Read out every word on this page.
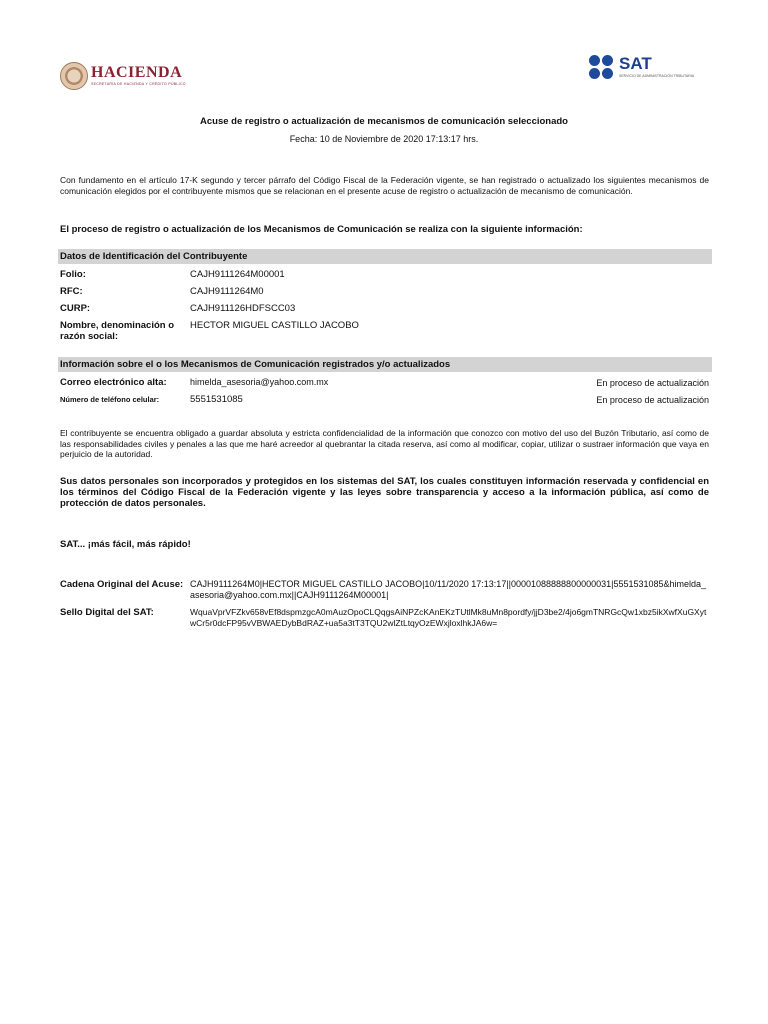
HACIENDA
SECRETARÍA DE HACIENDA Y CRÉDITO PÚBLICO
SAT
SERVICIO DE ADMINISTRACIÓN TRIBUTARIA
Acuse de registro o actualización de mecanismos de comunicación seleccionado
Fecha: 10 de Noviembre de 2020 17:13:17 hrs.
Con fundamento en el artículo 17-K segundo y tercer párrafo del Código Fiscal de la Federación vigente, se han registrado o actualizado los siguientes mecanismos de comunicación elegidos por el contribuyente mismos que se relacionan en el presente acuse de registro o actualización de mecanismo de comunicación.
El proceso de registro o actualización de los Mecanismos de Comunicación se realiza con la siguiente información:
Datos de Identificación del Contribuyente
Folio:	CAJH9111264M00001
RFC:	CAJH9111264M0
CURP:	CAJH911126HDFSCC03
Nombre, denominación o razón social:
HECTOR MIGUEL CASTILLO JACOBO
Información sobre el o los Mecanismos de Comunicación registrados y/o actualizados
Correo electrónico alta:	himelda_asesoria@yahoo.com.mx	En proceso de actualización
Número de teléfono celular:	5551531085	En proceso de actualización
El contribuyente se encuentra obligado a guardar absoluta y estricta confidencialidad de la información que conozco con motivo del uso del Buzón Tributario, así como de las responsabilidades civiles y penales a las que me haré acreedor al quebrantar la citada reserva, así como al modificar, copiar, utilizar o sustraer información que vaya en perjuicio de la autoridad.
Sus datos personales son incorporados y protegidos en los sistemas del SAT, los cuales constituyen información reservada y confidencial en los términos del Código Fiscal de la Federación vigente y las leyes sobre transparencia y acceso a la información pública, así como de protección de datos personales.
SAT... ¡más fácil, más rápido!
Cadena Original del Acuse: CAJH9111264M0|HECTOR MIGUEL CASTILLO JACOBO|10/11/2020 17:13:17||00001088888800000031|5551531085&himelda_asesoria@yahoo.com.mx||CAJH9111264M00001|
Sello Digital del SAT:	WquaVprVFZkv658vEf8dspmzgcA0mAuzOpoCLQqgsAiNPZcKAnEKzTUtlMk8uMn8pordfy/jjD3be2/4jo6gmTNRGcQw1xbz5ikXwfXuGXytwCr5r0dcFP95vVBWAEDybBdRAZ+ua5a3tT3TQU2wlZtLtqyOzEWxjloxlhkJA6w=
